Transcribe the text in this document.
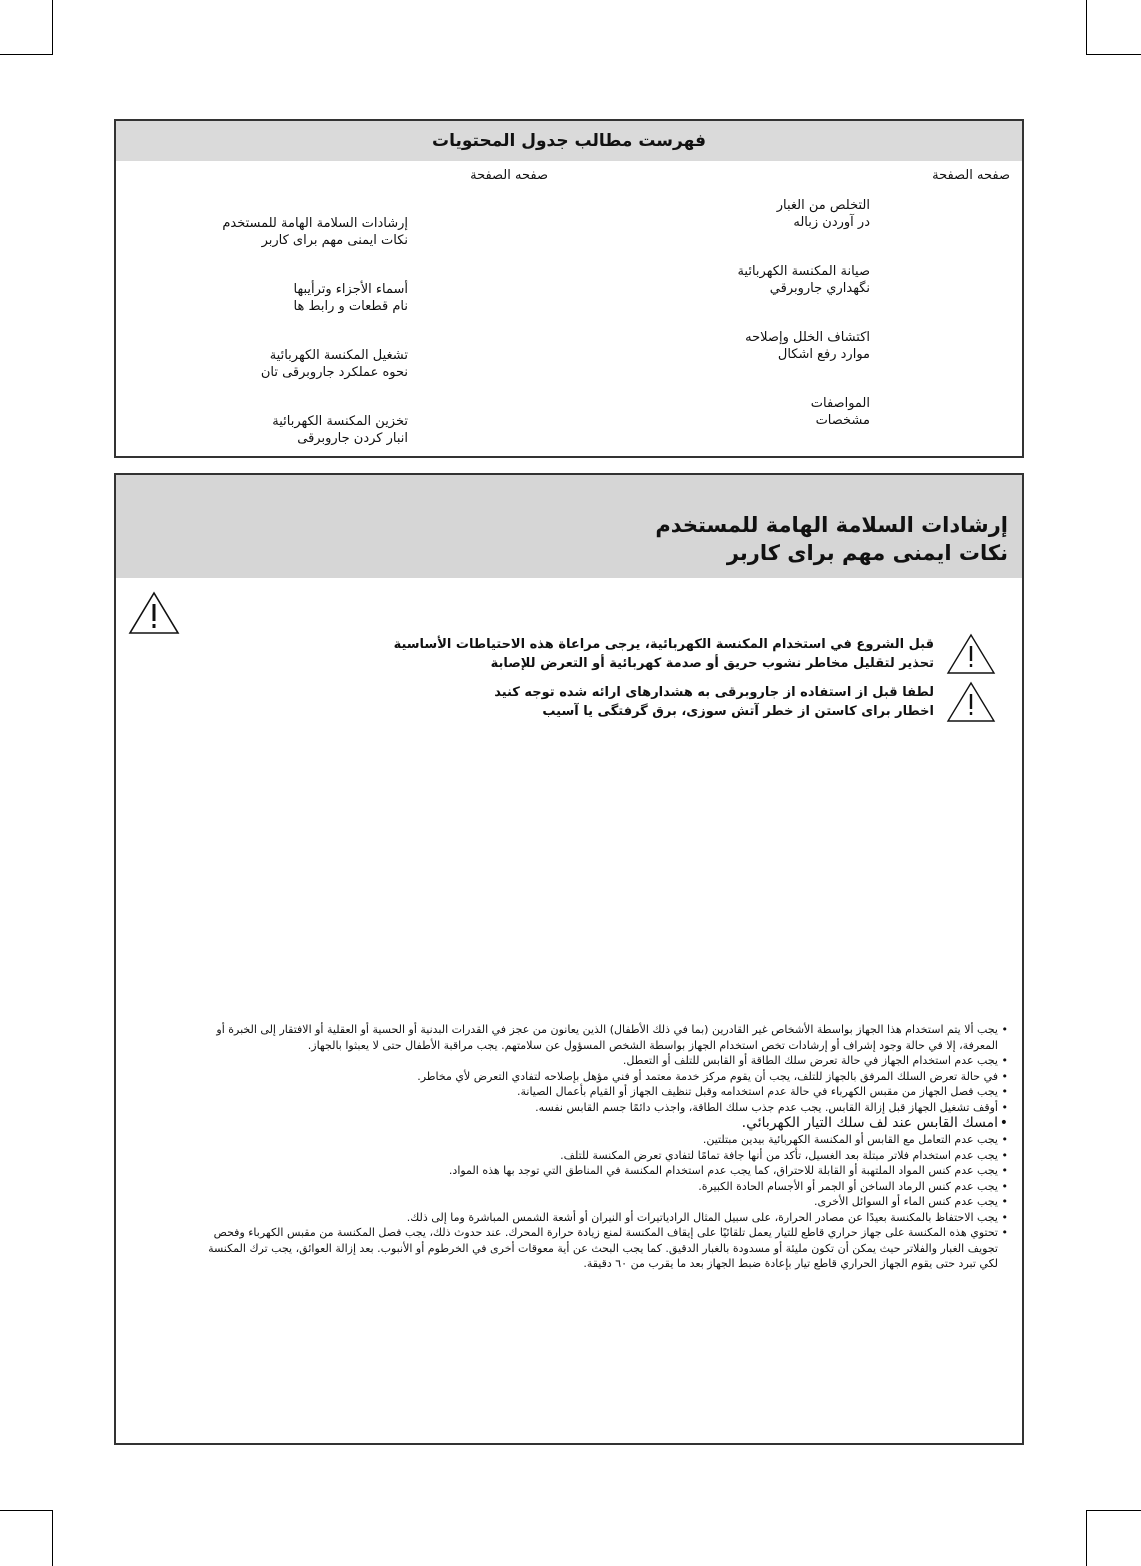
فهرست مطالب جدول المحتويات
صفحه الصفحة	صفحه الصفحة
التخلص من الغبار
در آوردن زباله
صيانة المكنسة الكهربائية
نگهداري جاروبرقي
اكتشاف الخلل وإصلاحه
موارد رفع اشکال
المواصفات
مشخصات
إرشادات السلامة الهامة للمستخدم
نکات ایمنی مهم برای کاربر
أسماء الأجزاء وترأيبها
نام قطعات و رابط ها
تشغيل المكنسة الكهربائية
نحوه عملکرد جاروبرقی تان
تخزين المكنسة الكهربائية
انبار کردن جاروبرقی
إرشادات السلامة الهامة للمستخدم
نکات ایمنی مهم برای کاربر
قبل الشروع في استخدام المكنسة الكهربائية، يرجى مراعاة هذه الاحتياطات الأساسية
تحذير لتقليل مخاطر نشوب حريق أو صدمة كهربائية أو التعرض للإصابة
لطفا قبل از استفاده از جاروبرقی به هشدارهای ارائه شده توجه کنید
اخطار برای کاستن از خطر آتش سوزی، برق گرفتگی یا آسیب
• يجب ألا يتم استخدام هذا الجهاز بواسطة الأشخاص غير القادرين (بما في ذلك الأطفال) الذين يعانون من عجز في القدرات البدنية أو الحسية أو العقلية أو الافتقار إلى الخبرة أو المعرفة، إلا في حالة وجود إشراف أو إرشادات تخص استخدام الجهاز بواسطة الشخص المسؤول عن سلامتهم. يجب مراقبة الأطفال حتى لا يعبثوا بالجهاز.
• يجب عدم استخدام الجهاز في حالة تعرض سلك الطاقة أو القابس للتلف أو التعطل.
• في حالة تعرض السلك المرفق بالجهاز للتلف، يجب أن يقوم مركز خدمة معتمد أو فني مؤهل بإصلاحه لتفادي التعرض لأي مخاطر.
• يجب فصل الجهاز من مقبس الكهرباء في حالة عدم استخدامه وقبل تنظيف الجهاز أو القيام بأعمال الصيانة.
• أوقف تشغيل الجهاز قبل إزالة القابس. يجب عدم جذب سلك الطاقة، واجذب دائمًا جسم القابس نفسه.
• امسك القابس عند لف سلك التيار الكهربائي.
• يجب عدم التعامل مع القابس أو المكنسة الكهربائية بيدين مبتلتين.
• يجب عدم استخدام فلاتر مبتلة بعد الغسيل، تأكد من أنها جافة تمامًا لتفادي تعرض المكنسة للتلف.
• يجب عدم كنس المواد الملتهبة أو القابلة للاحتراق، كما يجب عدم استخدام المكنسة في المناطق التي توجد بها هذه المواد.
• يجب عدم كنس الرماد الساخن أو الجمر أو الأجسام الحادة الكبيرة.
• يجب عدم كنس الماء أو السوائل الأخرى.
• يجب الاحتفاظ بالمكنسة بعيدًا عن مصادر الحرارة، على سبيل المثال الرادياتيرات أو النيران أو أشعة الشمس المباشرة وما إلى ذلك.
• تحتوي هذه المكنسة على جهاز حراري قاطع للتيار يعمل تلقائيًا على إيقاف المكنسة لمنع زيادة حرارة المحرك. عند حدوث ذلك، يجب فصل المكنسة من مقبس الكهرباء وفحص تجويف الغبار والفلاتر حيث يمكن أن تكون مليئة أو مسدودة بالغبار الدقيق. كما يجب البحث عن أية معوقات أخرى في الخرطوم أو الأنبوب. بعد إزالة العوائق، يجب ترك المكنسة لكي تبرد حتى يقوم الجهاز الحراري قاطع تيار بإعادة ضبط الجهاز بعد ما يقرب من ٦٠ دقيقة.
